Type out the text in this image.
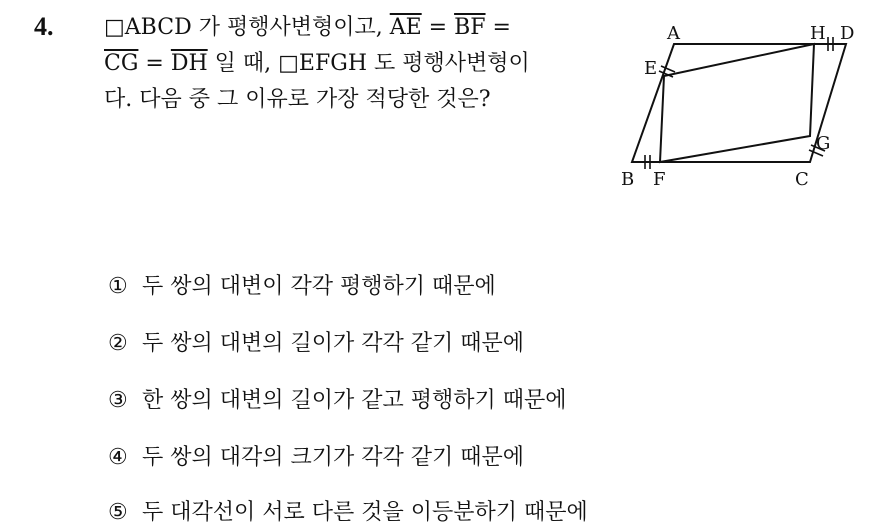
4. □ABCD 가 평행사변형이고, $\overline{AE} = \overline{BF}$ =
$\overline{CG} = \overline{DH}$ 일 때, □EFGH 도 평행사변형이
다. 다음 중 그 이유로 가장 적당한 것은?
A	H D
E
G
B F	C
① 두 쌍의 대변이 각각 평행하기 때문에
② 두 쌍의 대변의 길이가 각각 같기 때문에
③ 한 쌍의 대변의 길이가 같고 평행하기 때문에
④ 두 쌍의 대각의 크기가 각각 같기 때문에
⑤ 두 대각선이 서로 다른 것을 이등분하기 때문에
